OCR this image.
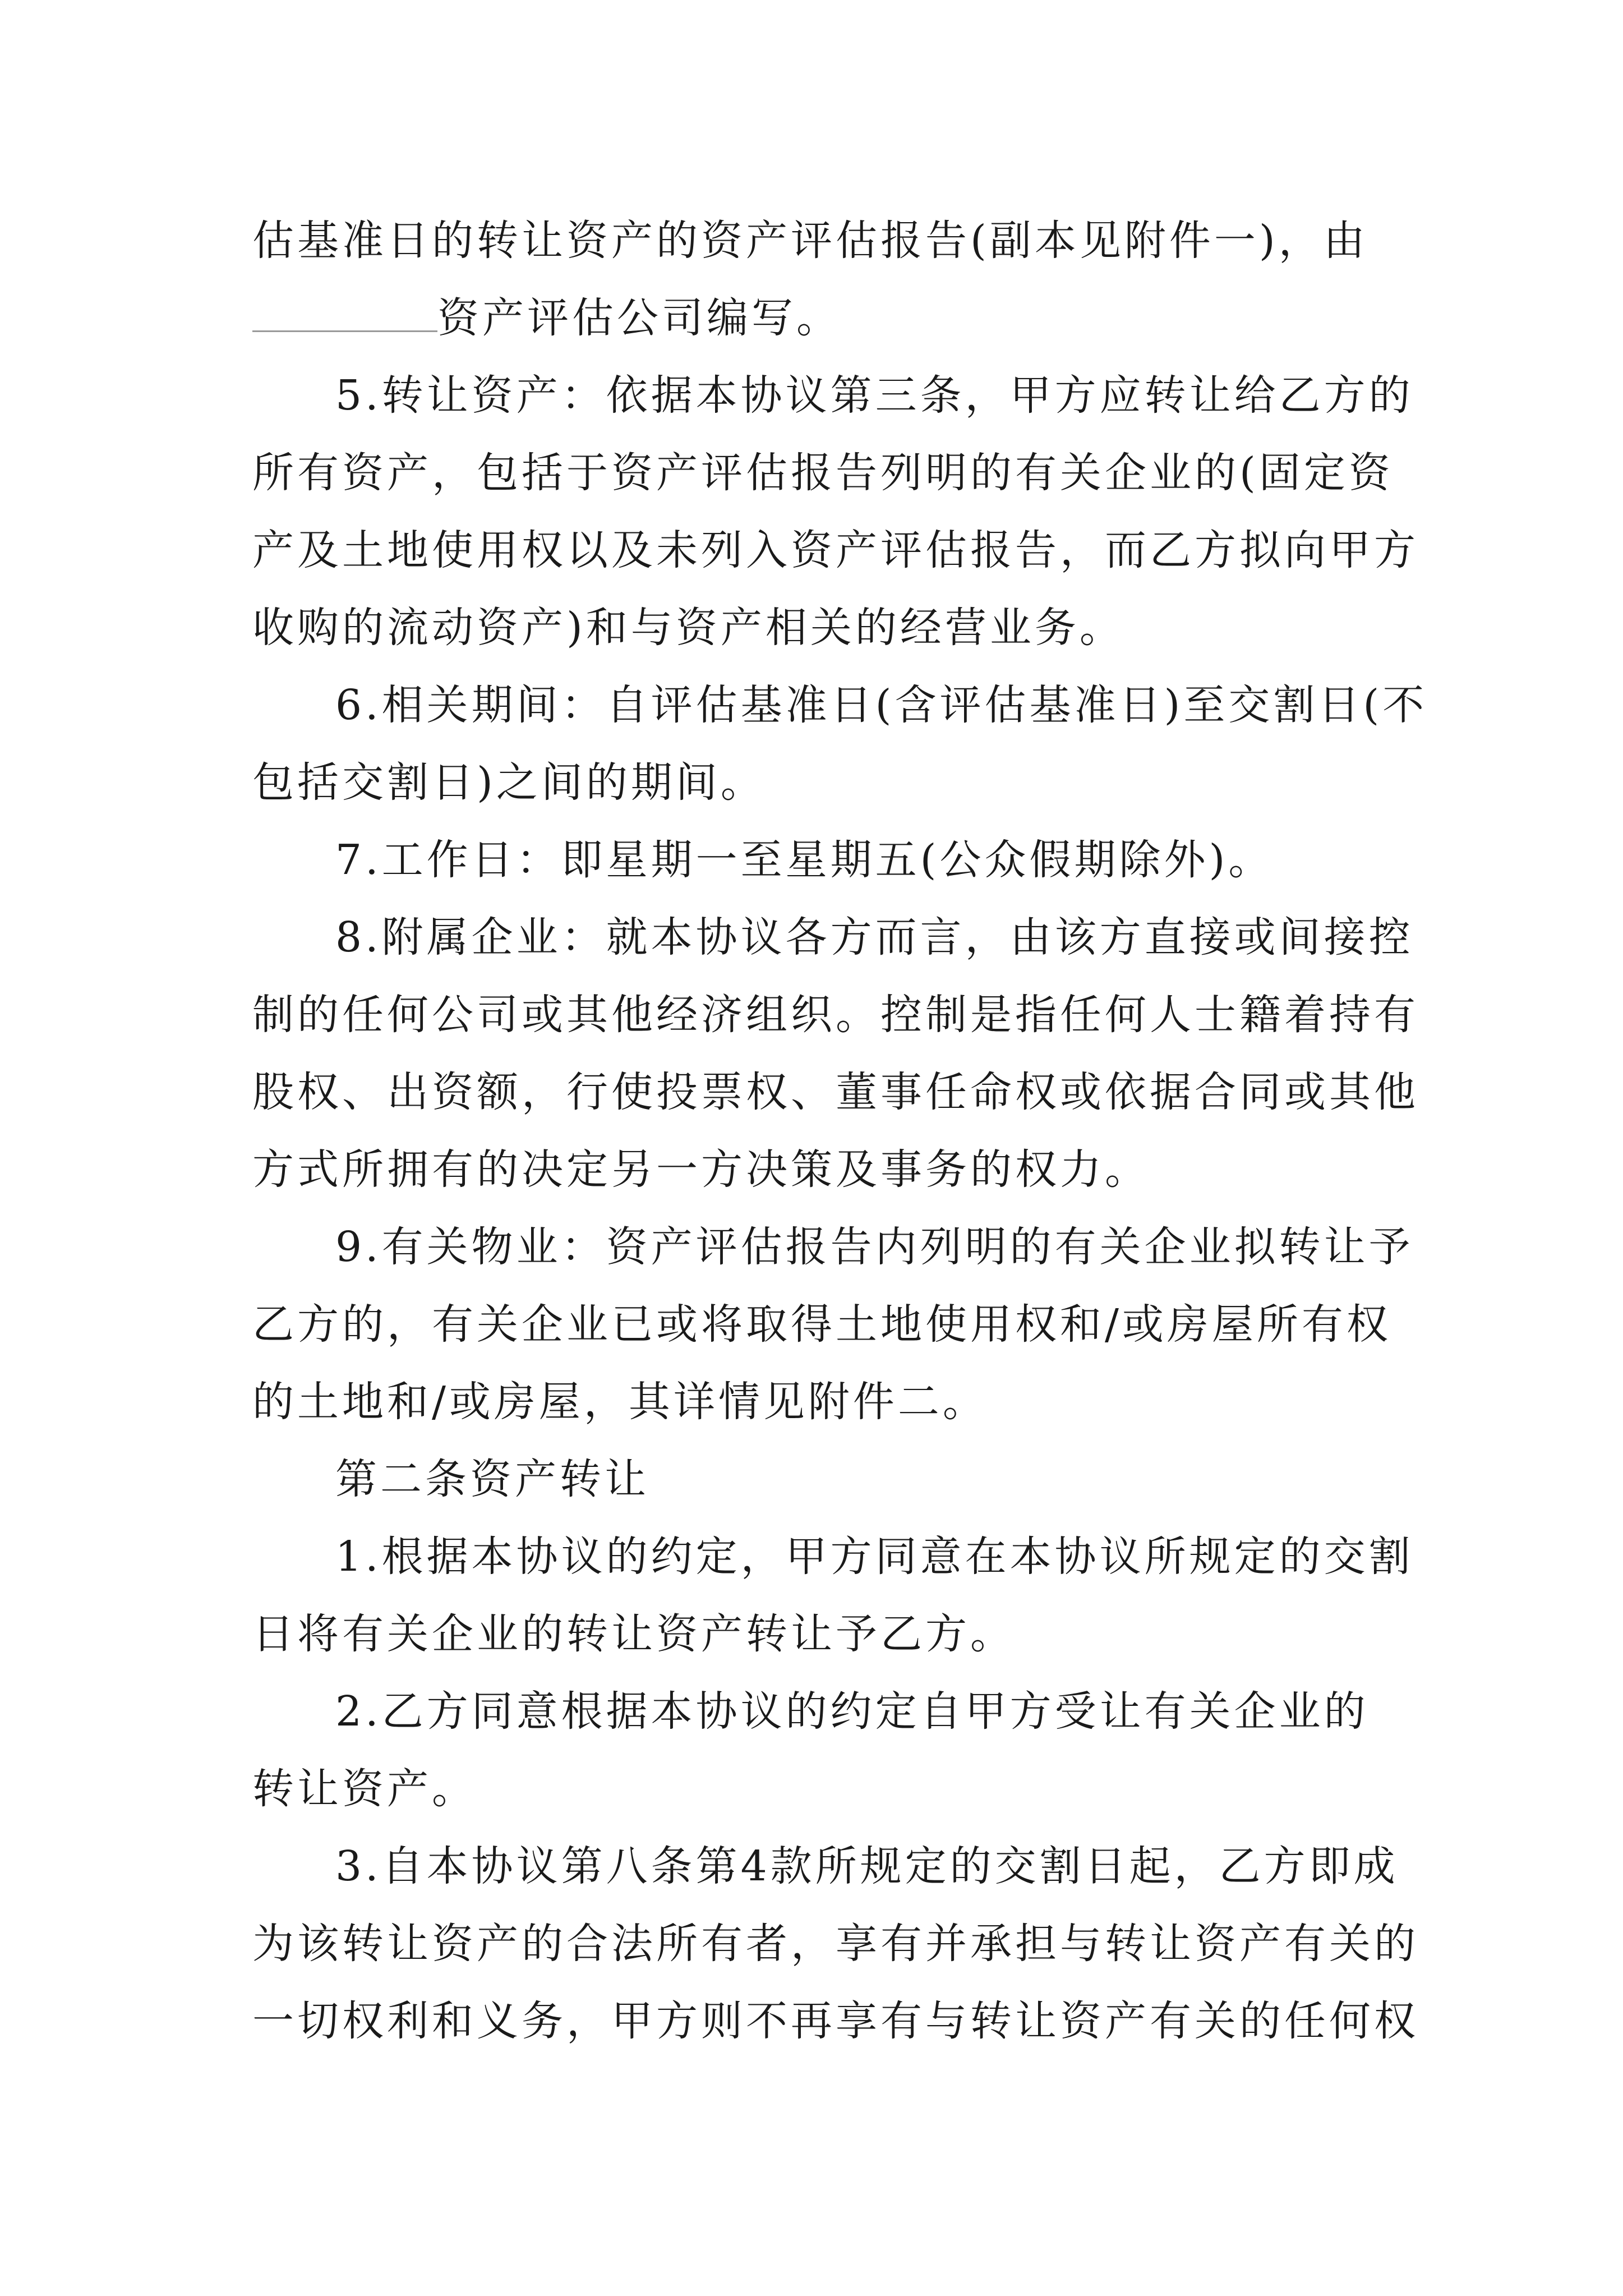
估基准日的转让资产的资产评估报告(副本见附件一)，由
资产评估公司编写。

5.转让资产：依据本协议第三条，甲方应转让给乙方的
所有资产，包括于资产评估报告列明的有关企业的(固定资
产及土地使用权以及未列入资产评估报告，而乙方拟向甲方
收购的流动资产)和与资产相关的经营业务。

6.相关期间：自评估基准日(含评估基准日)至交割日(不
包括交割日)之间的期间。

7.工作日：即星期一至星期五(公众假期除外)。

8.附属企业：就本协议各方而言，由该方直接或间接控
制的任何公司或其他经济组织。控制是指任何人士籍着持有
股权、出资额，行使投票权、董事任命权或依据合同或其他
方式所拥有的决定另一方决策及事务的权力。

9.有关物业：资产评估报告内列明的有关企业拟转让予
乙方的，有关企业已或将取得土地使用权和/或房屋所有权
的土地和/或房屋，其详情见附件二。

第二条资产转让

1.根据本协议的约定，甲方同意在本协议所规定的交割
日将有关企业的转让资产转让予乙方。

2.乙方同意根据本协议的约定自甲方受让有关企业的
转让资产。

3.自本协议第八条第4款所规定的交割日起，乙方即成
为该转让资产的合法所有者，享有并承担与转让资产有关的
一切权利和义务，甲方则不再享有与转让资产有关的任何权
